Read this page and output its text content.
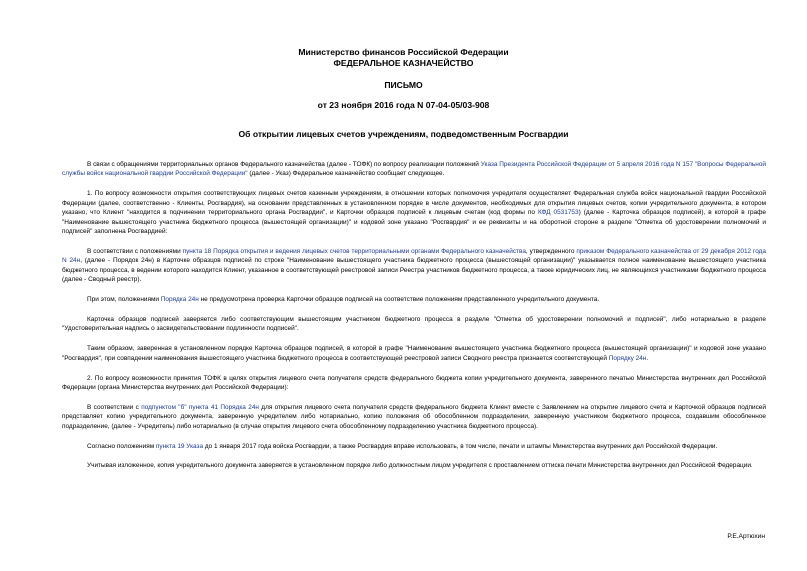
Министерство финансов Российской Федерации
ФЕДЕРАЛЬНОЕ КАЗНАЧЕЙСТВО
ПИСЬМО
от 23 ноября 2016 года N 07-04-05/03-908
Об открытии лицевых счетов учреждениям, подведомственным Росгвардии

В связи с обращениями территориальных органов Федерального казначейства (далее - ТОФК) по вопросу реализации положений Указа Президента Российской Федерации от 5 апреля 2016 года N 157 "Вопросы Федеральной службы войск национальной гвардии Российской Федерации" (далее - Указ) Федеральное казначейство сообщает следующее.

1. По вопросу возможности открытия соответствующих лицевых счетов казенным учреждениям, в отношении которых полномочия учредителя осуществляет Федеральная служба войск национальной гвардии Российской Федерации (далее, соответственно - Клиенты, Росгвардия), на основании представленных в установленном порядке в числе документов, необходимых для открытия лицевых счетов, копии учредительного документа, в котором указано, что Клиент "находится в подчинении территориального органа Росгвардии", и Карточки образцов подписей к лицевым счетам (код формы по КФД 0531753) (далее - Карточка образцов подписей), в которой в графе "Наименование вышестоящего участника бюджетного процесса (вышестоящей организации)" и кодовой зоне указано "Росгвардия" и ее реквизиты и на оборотной стороне в разделе "Отметка об удостоверении полномочий и подписей" заполнена Росгвардией:

В соответствии с положениями пункта 18 Порядка открытия и ведения лицевых счетов территориальными органами Федерального казначейства, утвержденного приказом Федерального казначейства от 29 декабря 2012 года N 24н, (далее - Порядок 24н) в Карточке образцов подписей по строке "Наименование вышестоящего участника бюджетного процесса (вышестоящей организации)" указывается полное наименование вышестоящего участника бюджетного процесса, в ведении которого находится Клиент, указанное в соответствующей реестровой записи Реестра участников бюджетного процесса, а также юридических лиц, не являющихся участниками бюджетного процесса (далее - Сводный реестр).

При этом, положениями Порядка 24н не предусмотрена проверка Карточки образцов подписей на соответствие положениям представленного учредительного документа.

Карточка образцов подписей заверяется либо соответствующим вышестоящим участником бюджетного процесса в разделе "Отметка об удостоверении полномочий и подписей", либо нотариально в разделе "Удостоверительная надпись о засвидетельствовании подлинности подписей".

Таким образом, заверенная в установленном порядке Карточка образцов подписей, в которой в графе "Наименование вышестоящего участника бюджетного процесса (вышестоящей организации)" и кодовой зоне указано "Росгвардия", при совпадении наименования вышестоящего участника бюджетного процесса в соответствующей реестровой записи Сводного реестра признается соответствующей Порядку 24н.

2. По вопросу возможности принятия ТОФК в целях открытия лицевого счета получателя средств федерального бюджета копии учредительного документа, заверенного печатью Министерства внутренних дел Российской Федерации (органа Министерства внутренних дел Российской Федерации):

В соответствии с подпунктом "б" пункта 41 Порядка 24н для открытия лицевого счета получателя средств федерального бюджета Клиент вместе с Заявлением на открытие лицевого счета и Карточкой образцов подписей представляет копию учредительного документа, заверенную учредителем либо нотариально, копию положения об обособленном подразделении, заверенную участником бюджетного процесса, создавшим обособленное подразделение, (далее - Учредитель) либо нотариально (в случае открытия лицевого счета обособленному подразделению участника бюджетного процесса).

Согласно положениям пункта 19 Указа до 1 января 2017 года войска Росгвардии, а также Росгвардия вправе использовать, в том числе, печати и штампы Министерства внутренних дел Российской Федерации.

Учитывая изложенное, копия учредительного документа заверяется в установленном порядке либо должностным лицом учредителя с проставлением оттиска печати Министерства внутренних дел Российской Федерации.

Р.Е.Артюхин
